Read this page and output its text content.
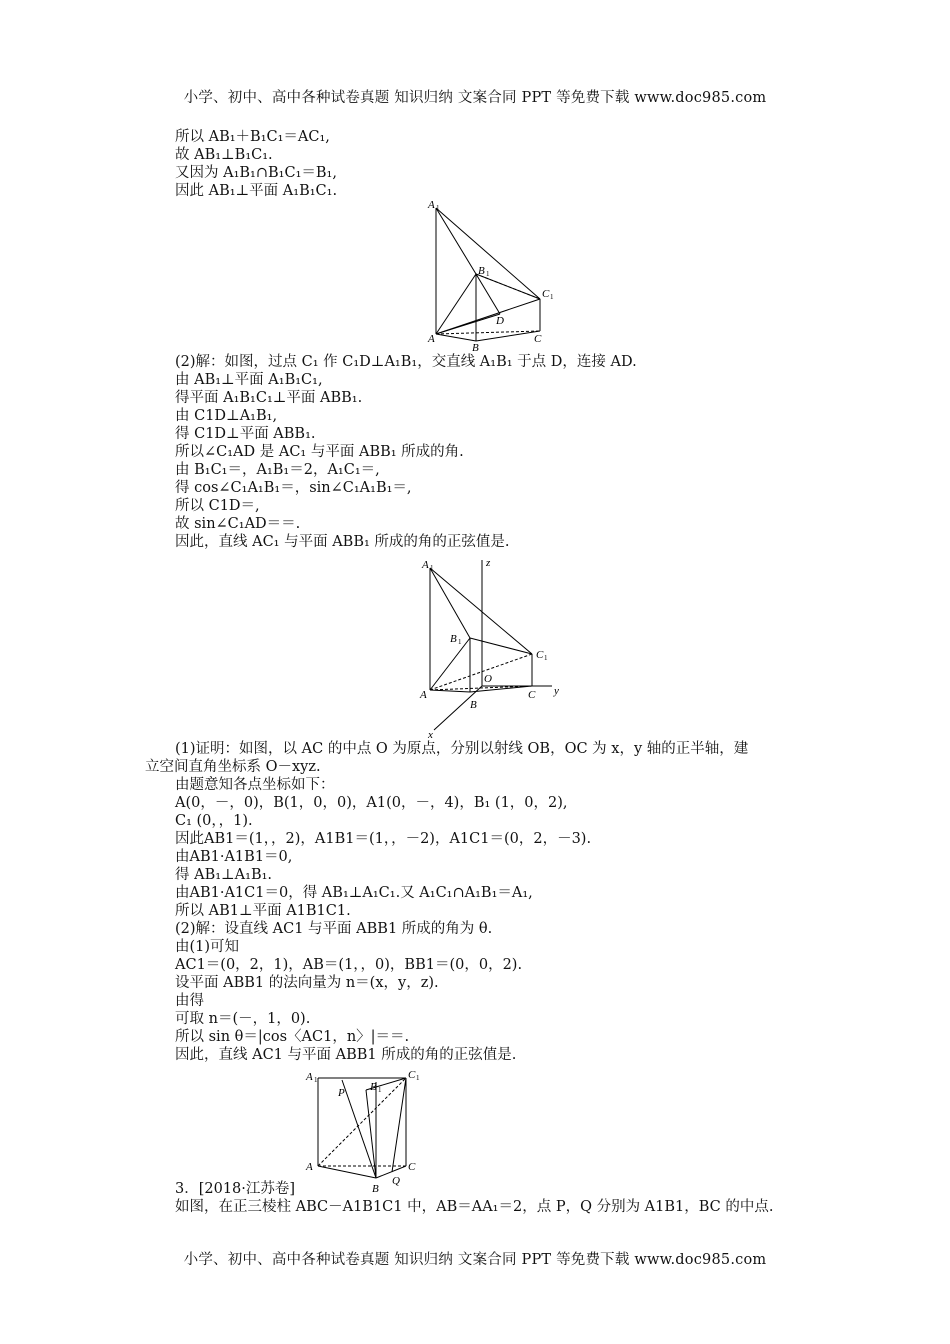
小学、初中、高中各种试卷真题 知识归纳 文案合同 PPT 等免费下载 www.doc985.com
所以 AB₁＋B₁C₁＝AC₁,
故 AB₁⊥B₁C₁.
又因为 A₁B₁∩B₁C₁＝B₁,
因此 AB₁⊥平面 A₁B₁C₁.
A 1
B 1
C 1
D
A
B
C
(2)解：如图，过点 C₁ 作 C₁D⊥A₁B₁，交直线 A₁B₁ 于点 D，连接 AD.
由 AB₁⊥平面 A₁B₁C₁,
得平面 A₁B₁C₁⊥平面 ABB₁.
由 C1D⊥A₁B₁,
得 C1D⊥平面 ABB₁.
所以∠C₁AD 是 AC₁ 与平面 ABB₁ 所成的角.
由 B₁C₁＝，A₁B₁＝2，A₁C₁＝,
得 cos∠C₁A₁B₁＝，sin∠C₁A₁B₁＝,
所以 C1D＝,
故 sin∠C₁AD＝＝.
因此，直线 AC₁ 与平面 ABB₁ 所成的角的正弦值是.
A 1	z
B 1
C 1
O
A
B
C y
x
(1)证明：如图，以 AC 的中点 O 为原点，分别以射线 OB，OC 为 x，y 轴的正半轴，建
立空间直角坐标系 O－xyz.
由题意知各点坐标如下：
A(0，－，0)，B(1，0，0)，A1(0，－，4)，B₁ (1，0，2),
C₁ (0，，1).
因此AB1＝(1，，2)，A1B1＝(1，，－2)，A1C1＝(0，2，－3).
由AB1·A1B1＝0,
得 AB₁⊥A₁B₁.
由AB1·A1C1＝0，得 AB₁⊥A₁C₁.又 A₁C₁∩A₁B₁＝A₁,
所以 AB1⊥平面 A1B1C1.
(2)解：设直线 AC1 与平面 ABB1 所成的角为 θ.
由(1)可知
AC1＝(0，2，1)，AB＝(1，，0)，BB1＝(0，0，2).
设平面 ABB1 的法向量为 n＝(x，y，z).
由得
可取 n＝(－，1，0).
所以 sin θ＝|cos〈AC1，n〉|＝＝.
因此，直线 AC1 与平面 ABB1 所成的角的正弦值是.
A 1
P B 1
C 1
A
Q
C
B
3．[2018·江苏卷]
如图，在正三棱柱 ABC－A1B1C1 中，AB＝AA₁＝2，点 P，Q 分别为 A1B1，BC 的中点.
小学、初中、高中各种试卷真题 知识归纳 文案合同 PPT 等免费下载 www.doc985.com
